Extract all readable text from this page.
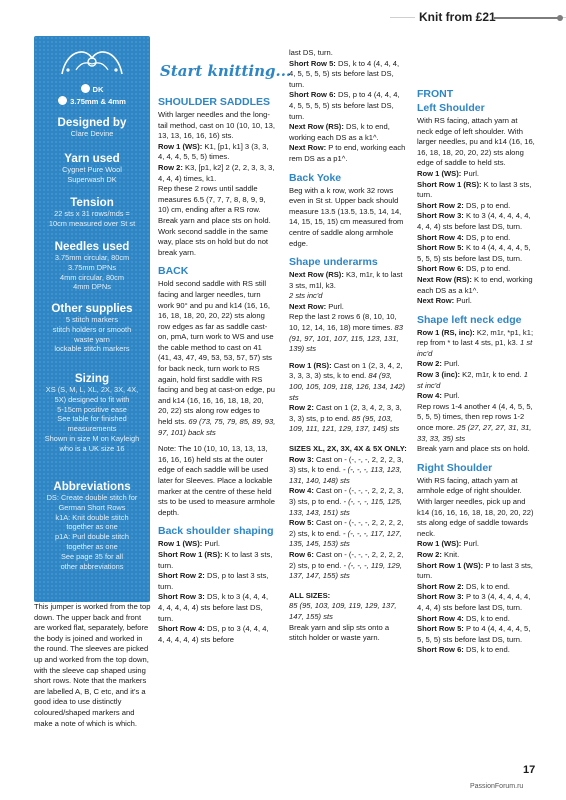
Knit from £21
DK
3.75mm & 4mm
Designed by

Clare Devine

Yarn used

Cygnet Pure Wool

Superwash DK

Tension

22 sts x 31 rows/mds =

10cm measured over St st

Needles used

3.75mm circular, 80cm

3.75mm DPNs

4mm circular, 80cm

4mm DPNs

Other supplies

5 stitch markers

stitch holders or smooth

waste yarn

lockable stitch markers

Sizing

XS (S, M, L, XL, 2X, 3X, 4X,

5X) designed to fit with

5-15cm positive ease

See table for finished

measurements

Shown in size M on Kayleigh

who is a UK size 16

Abbreviations

DS: Create double stitch for

German Short Rows

k1A: Knit double stitch

together as one

p1A: Purl double stitch

together as one

See page 35 for all

other abbreviations

This jumper is worked from the top down. The upper back and front are worked flat, separately, before the body is joined and worked in the round. The sleeves are picked up and worked from the top down, with the sleeve cap shaped using short rows. Note that the markers are labelled A, B, C etc, and it's a good idea to use distinctly coloured/shaped markers and make a note of which is which.

Start knitting...
SHOULDER SADDLES

With larger needles and the long-tail method, cast on 10 (10, 10, 13, 13, 13, 16, 16, 16) sts.

Row 1 (WS): K1, [p1, k1] 3 (3, 3, 4, 4, 4, 5, 5, 5) times.

Row 2: K3, [p1, k2] 2 (2, 2, 3, 3, 3, 4, 4, 4) times, k1.

Rep these 2 rows until saddle measures 6.5 (7, 7, 7, 8, 8, 9, 9, 10) cm, ending after a RS row.

Break yarn and place sts on hold.

Work second saddle in the same way, place sts on hold but do not break yarn.

BACK

Hold second saddle with RS still facing and larger needles, turn work 90° and pu and k14 (16, 16, 16, 18, 18, 20, 20, 22) sts along row edges as far as saddle cast-on, pmA, turn work to WS and use the cable method to cast on 41 (41, 43, 47, 49, 53, 53, 57, 57) sts for back neck, turn work to RS again, hold first saddle with RS facing and beg at cast-on edge, pu and k14 (16, 16, 16, 18, 18, 20, 20, 22) sts along row edges to held sts. 69 (73, 75, 79, 85, 89, 93, 97, 101) back sts

Note: The 10 (10, 10, 13, 13, 13, 16, 16, 16) held sts at the outer edge of each saddle will be used later for Sleeves. Place a lockable marker at the centre of these held sts to be used to measure armhole depth.

Back shoulder shaping

Row 1 (WS): Purl.

Short Row 1 (RS): K to last 3 sts, turn.

Short Row 2: DS, p to last 3 sts, turn.

Short Row 3: DS, k to 3 (4, 4, 4, 4, 4, 4, 4, 4) sts before last DS, turn.

Short Row 4: DS, p to 3 (4, 4, 4, 4, 4, 4, 4, 4) sts before

last DS, turn.

Short Row 5: DS, k to 4 (4, 4, 4, 4, 5, 5, 5, 5) sts before last DS, turn.

Short Row 6: DS, p to 4 (4, 4, 4, 4, 5, 5, 5, 5) sts before last DS, turn.

Next Row (RS): DS, k to end, working each DS as a k1^.

Next Row: P to end, working each rem DS as a p1^.

Back Yoke

Beg with a k row, work 32 rows even in St st. Upper back should measure 13.5 (13.5, 13.5, 14, 14, 14, 15, 15, 15) cm measured from centre of saddle along armhole edge.

Shape underarms

Next Row (RS): K3, m1r, k to last 3 sts, m1l, k3.

2 sts inc'd

Next Row: Purl.

Rep the last 2 rows 6 (8, 10, 10, 10, 12, 14, 16, 18) more times. 83 (91, 97, 101, 107, 115, 123, 131, 139) sts

Row 1 (RS): Cast on 1 (2, 3, 4, 2, 3, 3, 3, 3) sts, k to end. 84 (93, 100, 105, 109, 118, 126, 134, 142) sts

Row 2: Cast on 1 (2, 3, 4, 2, 3, 3, 3, 3) sts, p to end. 85 (95, 103, 109, 111, 121, 129, 137, 145) sts

SIZES XL, 2X, 3X, 4X & 5X ONLY:

Row 3: Cast on - (-, -, -, 2, 2, 2, 3, 3) sts, k to end. - (-, -, -, 113, 123, 131, 140, 148) sts

Row 4: Cast on - (-, -, -, 2, 2, 2, 3, 3) sts, p to end. - (-, -, -, 115, 125, 133, 143, 151) sts

Row 5: Cast on - (-, -, -, 2, 2, 2, 2, 2) sts, k to end. - (-, -, -, 117, 127, 135, 145, 153) sts

Row 6: Cast on - (-, -, -, 2, 2, 2, 2, 2) sts, p to end. - (-, -, -, 119, 129, 137, 147, 155) sts

ALL SIZES:

85 (95, 103, 109, 119, 129, 137, 147, 155) sts

Break yarn and slip sts onto a stitch holder or waste yarn.

FRONT
Left Shoulder

With RS facing, attach yarn at neck edge of left shoulder. With larger needles, pu and k14 (16, 16, 16, 18, 18, 20, 20, 22) sts along edge of saddle to held sts.

Row 1 (WS): Purl.

Short Row 1 (RS): K to last 3 sts, turn.

Short Row 2: DS, p to end.

Short Row 3: K to 3 (4, 4, 4, 4, 4, 4, 4, 4) sts before last DS, turn.

Short Row 4: DS, p to end.

Short Row 5: K to 4 (4, 4, 4, 4, 5, 5, 5, 5) sts before last DS, turn.

Short Row 6: DS, p to end.

Next Row (RS): K to end, working each DS as a k1^.

Next Row: Purl.

Shape left neck edge

Row 1 (RS, inc): K2, m1r, *p1, k1; rep from * to last 4 sts, p1, k3. 1 st inc'd

Row 2: Purl.

Row 3 (inc): K2, m1r, k to end. 1 st inc'd

Row 4: Purl.

Rep rows 1-4 another 4 (4, 4, 5, 5, 5, 5, 5) times, then rep rows 1-2 once more. 25 (27, 27, 27, 31, 31, 33, 33, 35) sts

Break yarn and place sts on hold.

Right Shoulder

With RS facing, attach yarn at armhole edge of right shoulder. With larger needles, pick up and k14 (16, 16, 16, 18, 18, 20, 20, 22) sts along edge of saddle towards neck.

Row 1 (WS): Purl.

Row 2: Knit.

Short Row 1 (WS): P to last 3 sts, turn.

Short Row 2: DS, k to end.

Short Row 3: P to 3 (4, 4, 4, 4, 4, 4, 4, 4) sts before last DS, turn.

Short Row 4: DS, k to end.

Short Row 5: P to 4 (4, 4, 4, 4, 5, 5, 5, 5) sts before last DS, turn.

Short Row 6: DS, k to end.

17
PassionForum.ru
